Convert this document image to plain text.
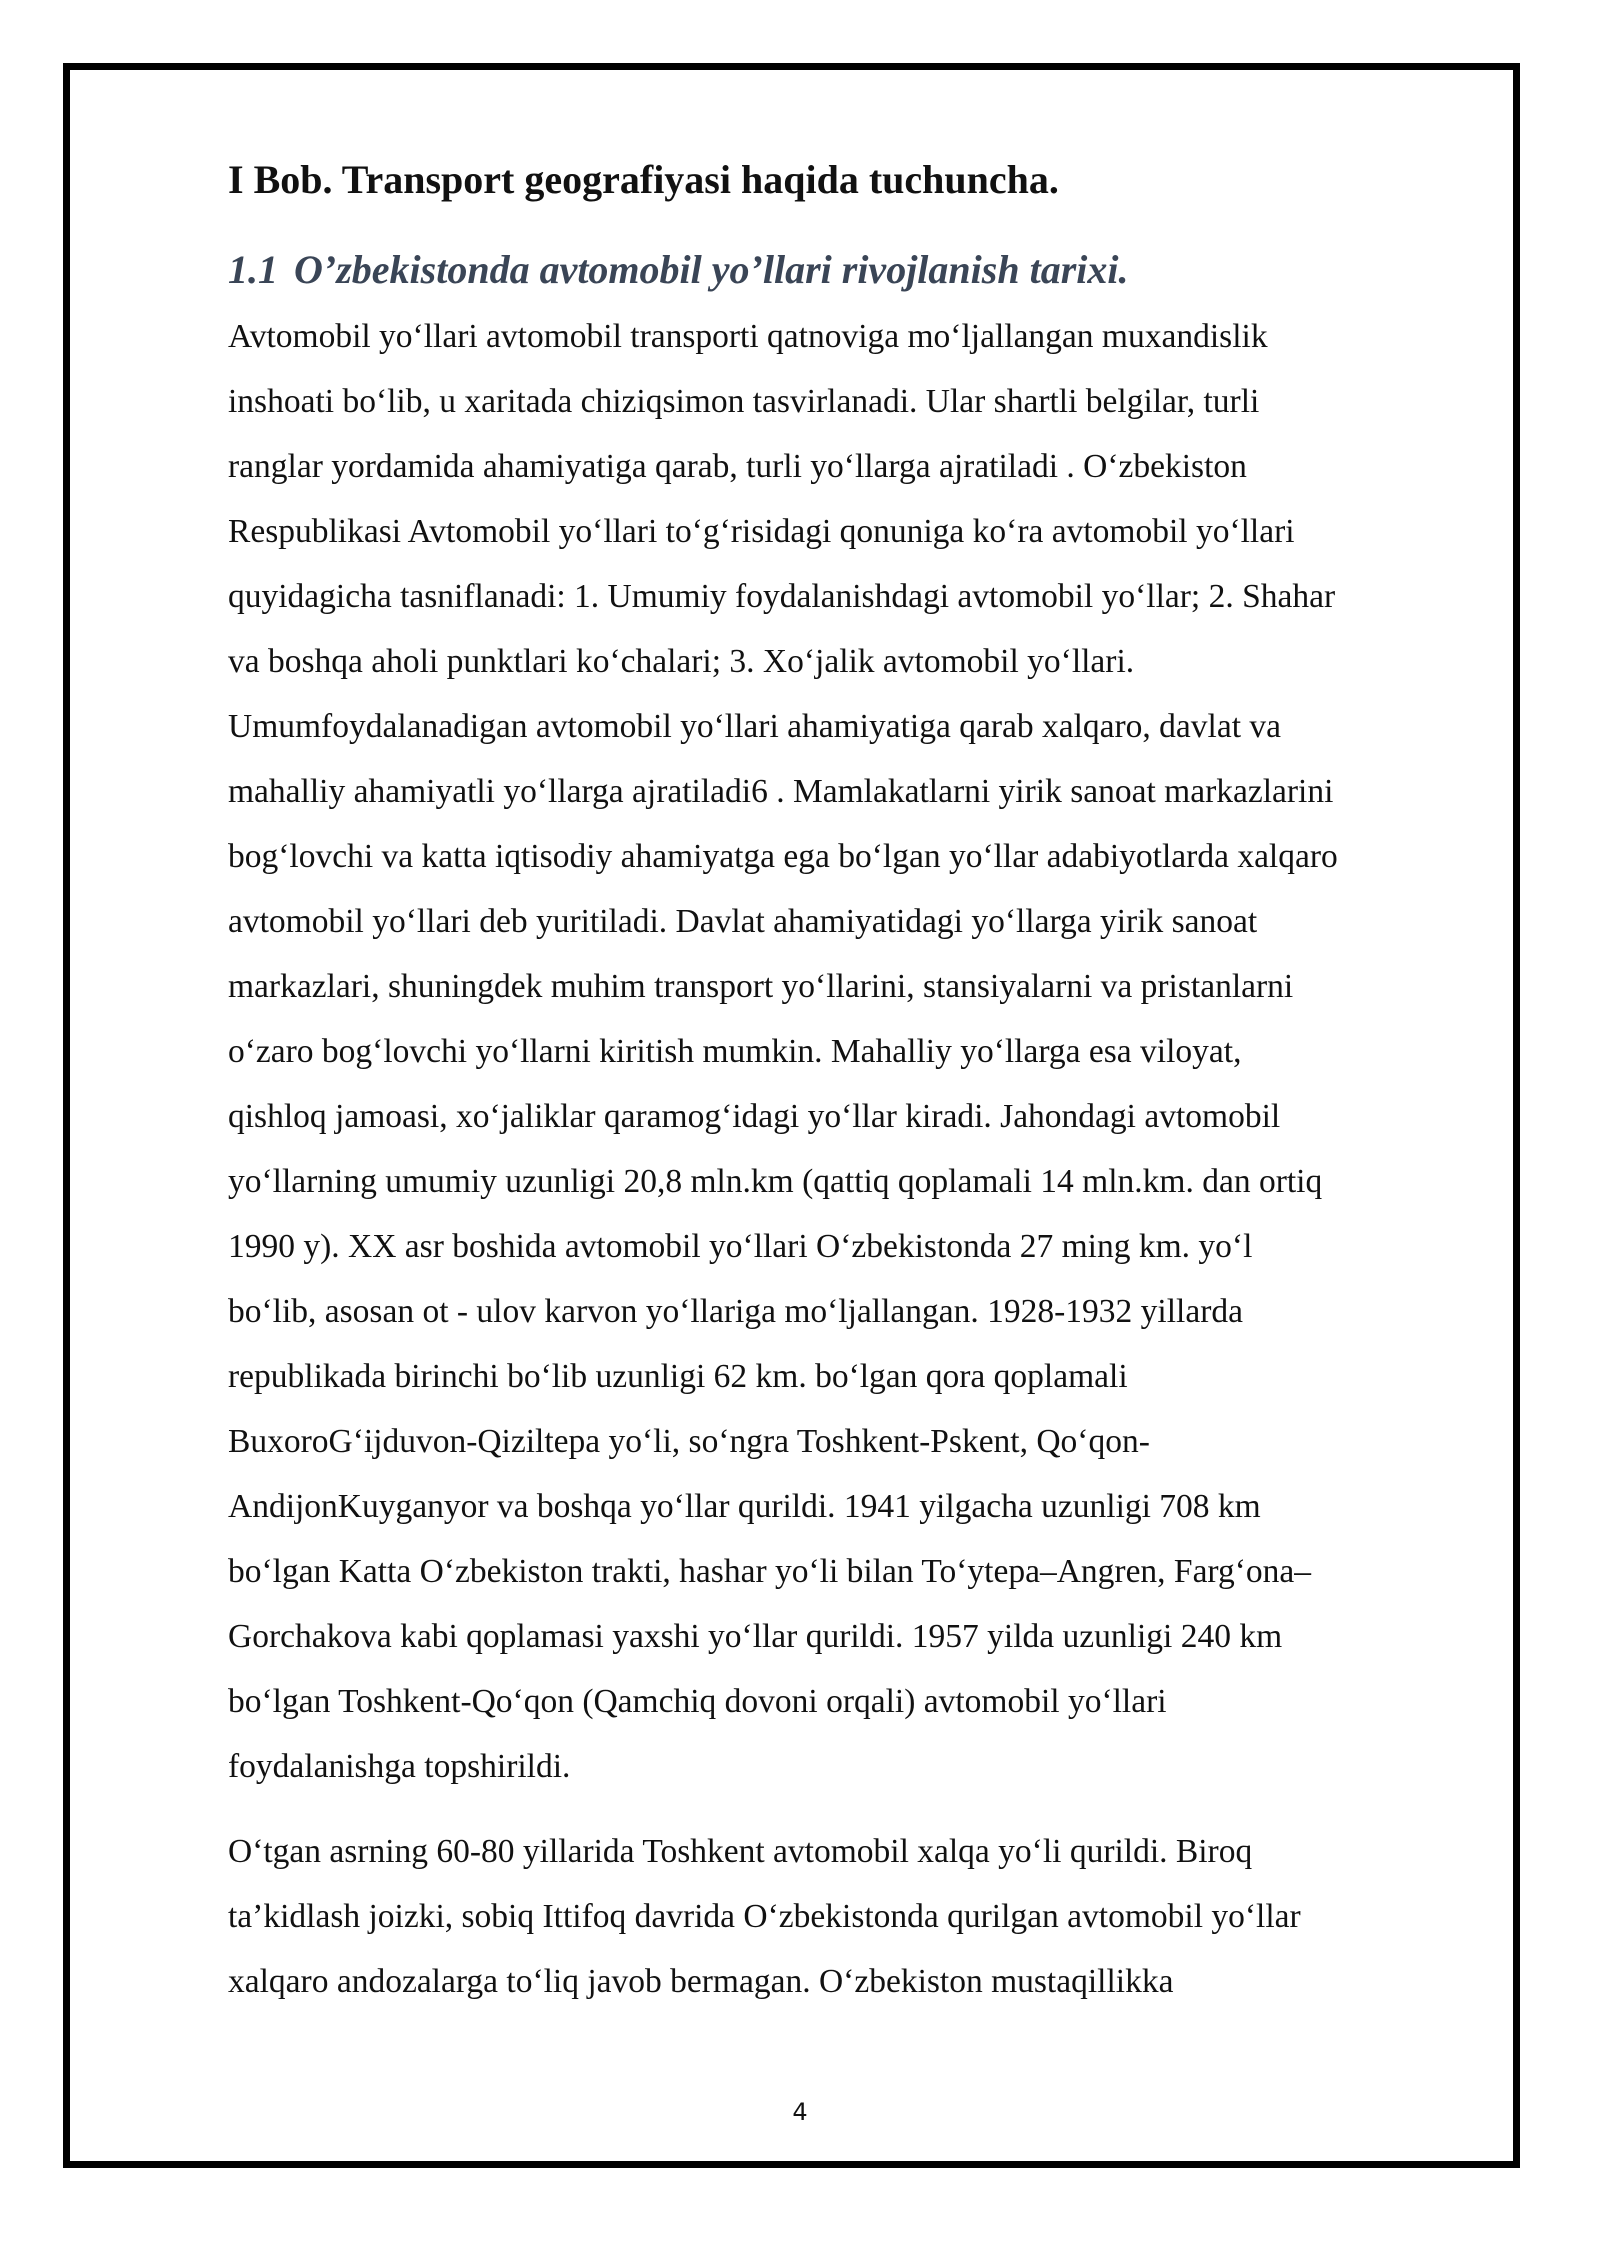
I Bob. Transport geografiyasi haqida tuchuncha.
1.1 O’zbekistonda avtomobil yo’llari rivojlanish tarixi.

Avtomobil yo‘llari avtomobil transporti qatnoviga mo‘ljallangan muxandislik
inshoati bo‘lib, u xaritada chiziqsimon tasvirlanadi. Ular shartli belgilar, turli
ranglar yordamida ahamiyatiga qarab, turli yo‘llarga ajratiladi . O‘zbekiston
Respublikasi Avtomobil yo‘llari to‘g‘risidagi qonuniga ko‘ra avtomobil yo‘llari
quyidagicha tasniflanadi: 1. Umumiy foydalanishdagi avtomobil yo‘llar; 2. Shahar
va boshqa aholi punktlari ko‘chalari; 3. Xo‘jalik avtomobil yo‘llari.
Umumfoydalanadigan avtomobil yo‘llari ahamiyatiga qarab xalqaro, davlat va
mahalliy ahamiyatli yo‘llarga ajratiladi6 . Mamlakatlarni yirik sanoat markazlarini
bog‘lovchi va katta iqtisodiy ahamiyatga ega bo‘lgan yo‘llar adabiyotlarda xalqaro
avtomobil yo‘llari deb yuritiladi. Davlat ahamiyatidagi yo‘llarga yirik sanoat
markazlari, shuningdek muhim transport yo‘llarini, stansiyalarni va pristanlarni
o‘zaro bog‘lovchi yo‘llarni kiritish mumkin. Mahalliy yo‘llarga esa viloyat,
qishloq jamoasi, xo‘jaliklar qaramog‘idagi yo‘llar kiradi. Jahondagi avtomobil
yo‘llarning umumiy uzunligi 20,8 mln.km (qattiq qoplamali 14 mln.km. dan ortiq
1990 y). XX asr boshida avtomobil yo‘llari O‘zbekistonda 27 ming km. yo‘l
bo‘lib, asosan ot - ulov karvon yo‘llariga mo‘ljallangan. 1928-1932 yillarda
republikada birinchi bo‘lib uzunligi 62 km. bo‘lgan qora qoplamali
BuxoroG‘ijduvon-Qiziltepa yo‘li, so‘ngra Toshkent-Pskent, Qo‘qon-
AndijonKuyganyor va boshqa yo‘llar qurildi. 1941 yilgacha uzunligi 708 km
bo‘lgan Katta O‘zbekiston trakti, hashar yo‘li bilan To‘ytepa–Angren, Farg‘ona–
Gorchakova kabi qoplamasi yaxshi yo‘llar qurildi. 1957 yilda uzunligi 240 km
bo‘lgan Toshkent-Qo‘qon (Qamchiq dovoni orqali) avtomobil yo‘llari
foydalanishga topshirildi.

O‘tgan asrning 60-80 yillarida Toshkent avtomobil xalqa yo‘li qurildi. Biroq
ta’kidlash joizki, sobiq Ittifoq davrida O‘zbekistonda qurilgan avtomobil yo‘llar
xalqaro andozalarga to‘liq javob bermagan. O‘zbekiston mustaqillikka

4
